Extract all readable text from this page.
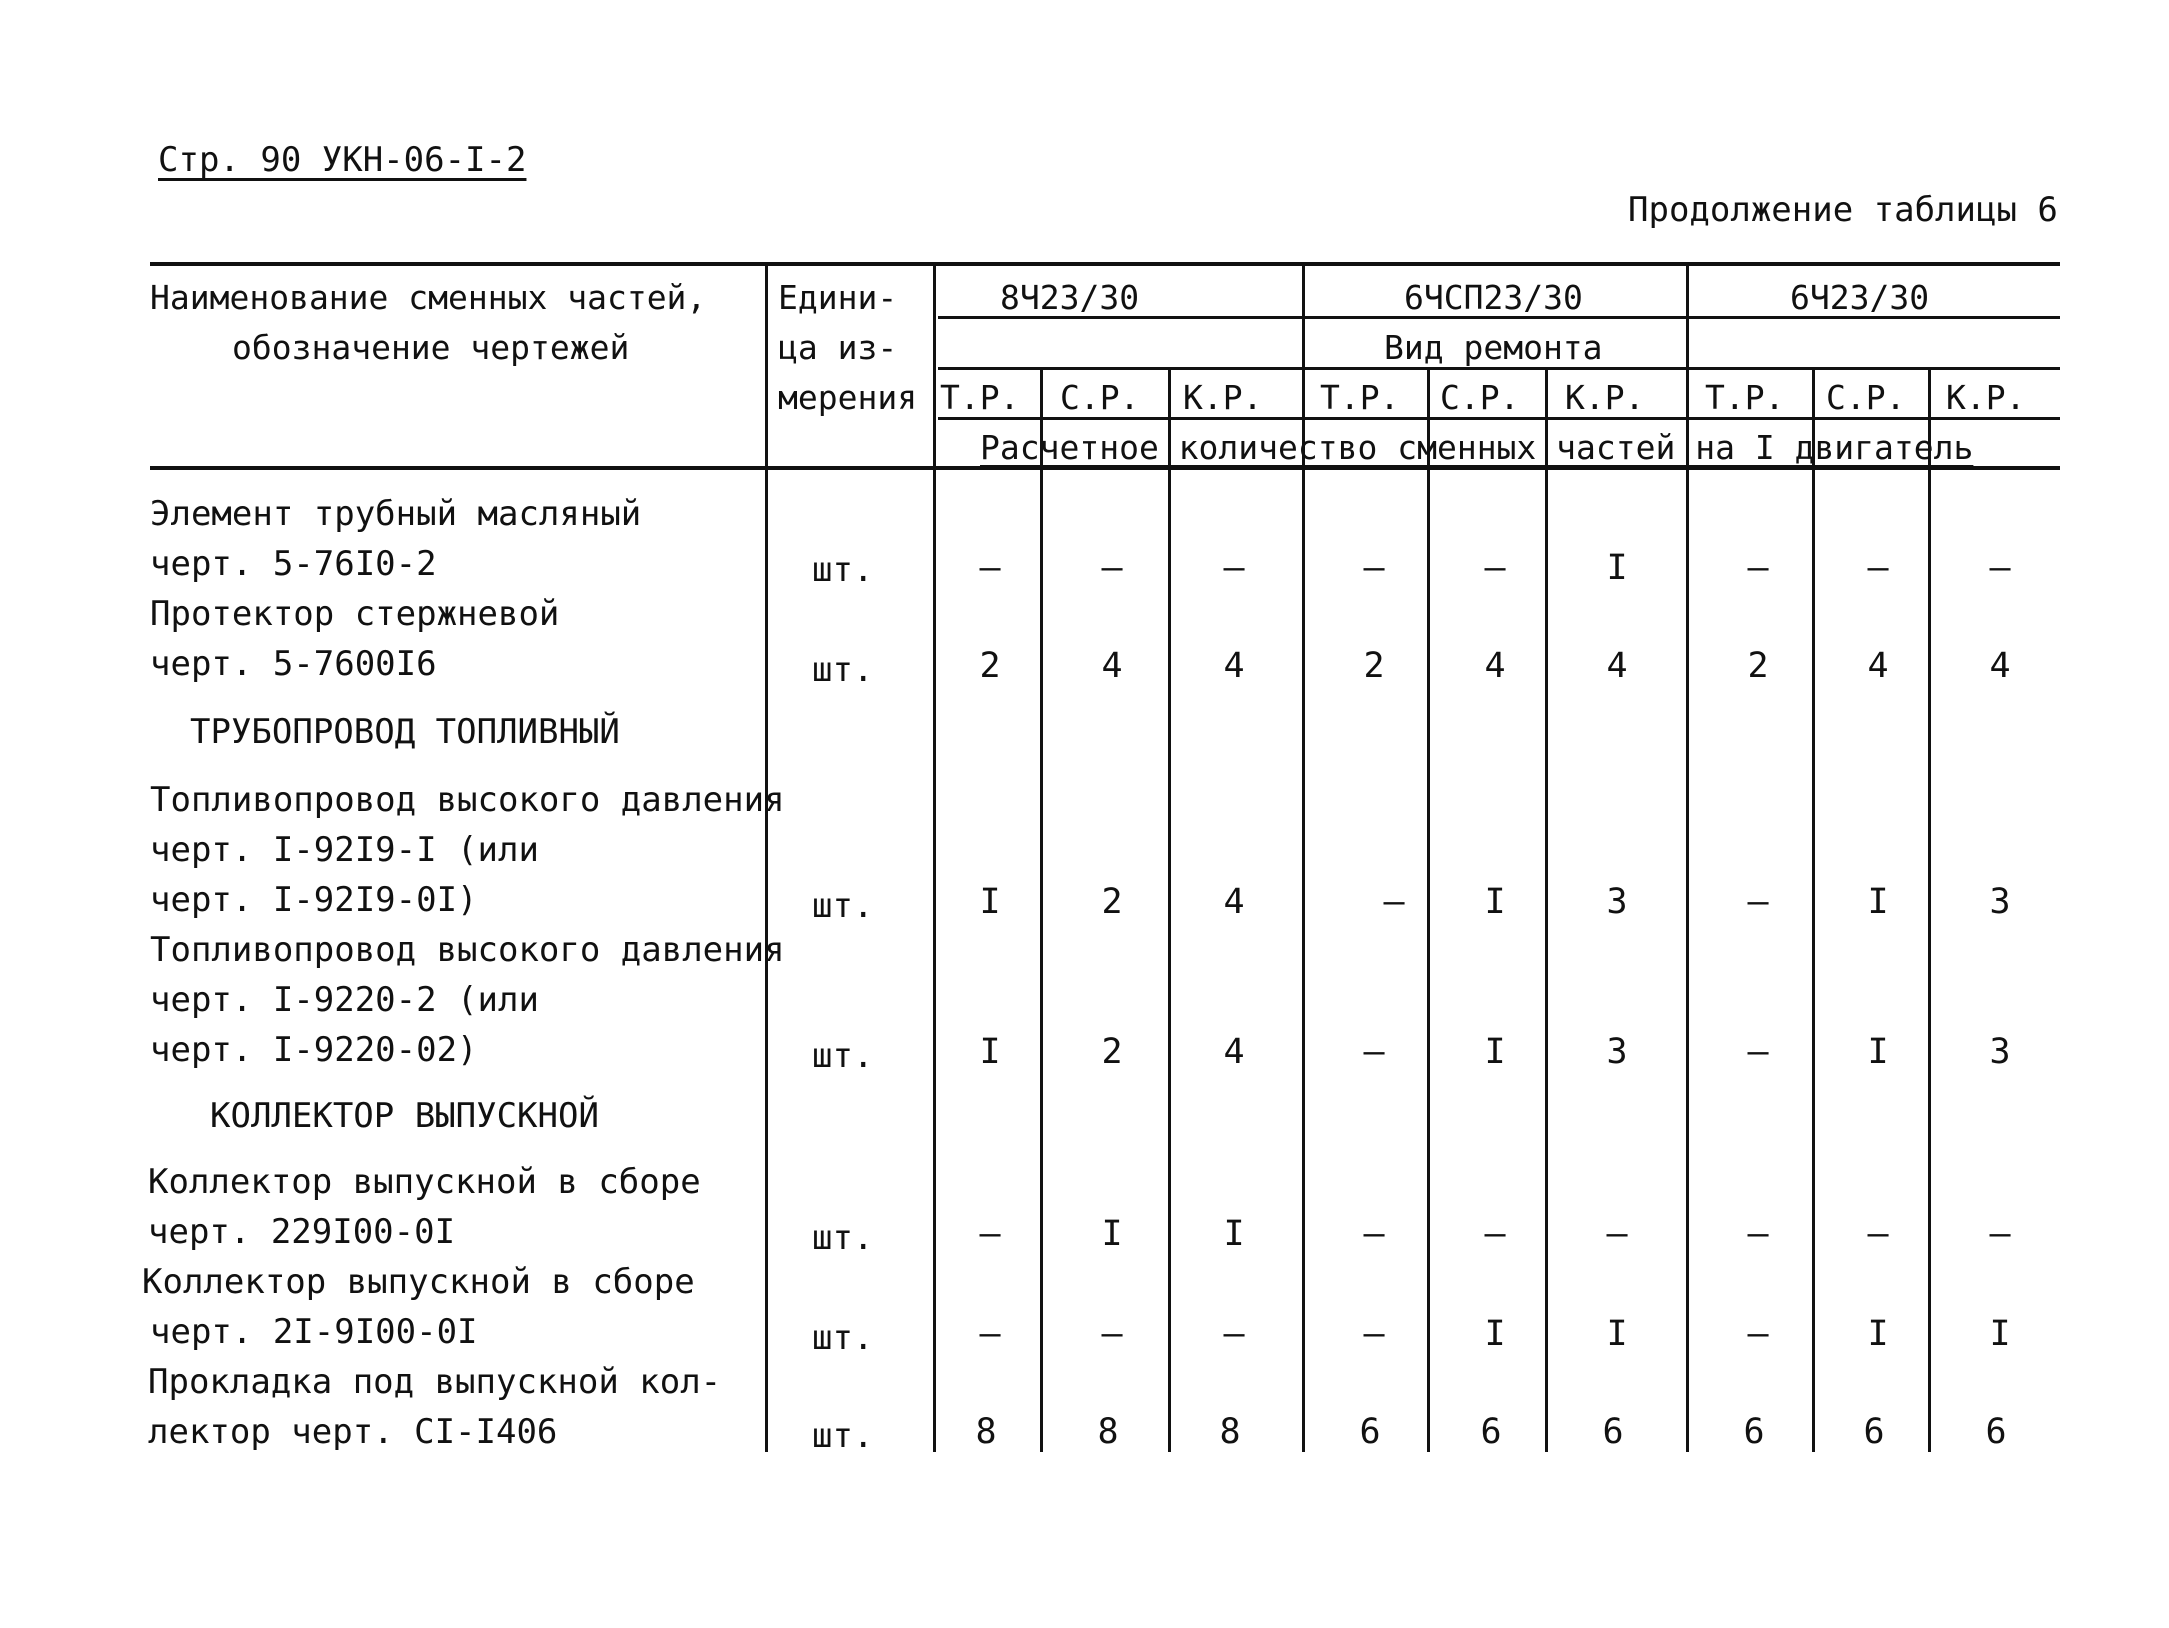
Стр. 90 УКН-06-I-2
Продолжение таблицы 6
Наименование сменных частей,
обозначение чертежей
Едини-
ца из-
мерения
8Ч23/30	6ЧСП23/30	6Ч23/30
Вид ремонта
Т.Р. С.Р. К.Р. Т.Р. С.Р. К.Р. Т.Р. С.Р. К.Р.
Расчетное количество сменных частей на I двигатель
Элемент трубный масляный
черт. 5-76I0-2	шт.	–	–	–	–	–	I	–	–	–
Протектор стержневой
черт. 5-7600I6	шт.	2	4	4	2	4	4	2	4	4
ТРУБОПРОВОД ТОПЛИВНЫЙ
Топливопровод высокого давления
черт. I-92I9-I (или
черт. I-92I9-0I)	шт.	I	2	4	–	I	3	–	I	3
Топливопровод высокого давления
черт. I-9220-2 (или
черт. I-9220-02)	шт.	I	2	4	–	I	3	–	I	3
КОЛЛЕКТОР ВЫПУСКНОЙ
Коллектор выпускной в сборе
черт. 229I00-0I	шт.	–	I	I	–	–	–	–	–	–
Коллектор выпускной в сборе
черт. 2I-9I00-0I	шт.	–	–	–	–	I	I	–	I	I
Прокладка под выпускной кол-
лектор черт. CI-I406	шт.	8	8	8	6	6	6	6	6	6
